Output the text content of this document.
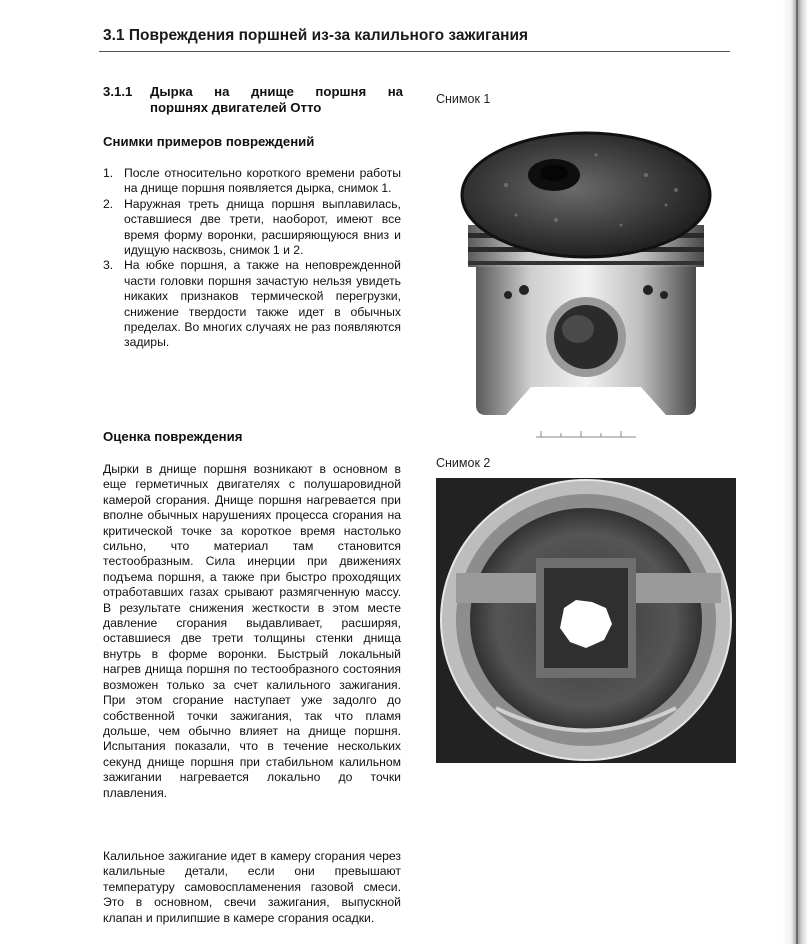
3.1 Повреждения поршней из-за калильного зажигания
3.1.1 Дырка на днище поршня на
поршнях двигателей Отто
Снимки примеров повреждений
1. После относительно короткого времени работы на днище поршня появляется дырка, снимок 1.
2. Наружная треть днища поршня выплавилась, оставшиеся две трети, наоборот, имеют все время форму воронки, расширяющуюся вниз и идущую насквозь, снимок 1 и 2.
3. На юбке поршня, а также на неповрежденной части головки поршня зачастую нельзя увидеть никаких признаков термической перегрузки, снижение твердости также идет в обычных пределах. Во многих случаях не раз появляются задиры.
Оценка повреждения

Дырки в днище поршня возникают в основном в еще герметичных двигателях с полушаровидной камерой сгорания. Днище поршня нагревается при вполне обычных нарушениях процесса сгорания на критической точке за короткое время настолько сильно, что материал там становится тестообразным. Сила инерции при движениях подъема поршня, а также при быстро проходящих отработавших газах срывают размягченную массу. В результате снижения жесткости в этом месте давление сгорания выдавливает, расширяя, оставшиеся две трети толщины стенки днища внутрь в форме воронки. Быстрый локальный нагрев днища поршня по тестообразного состояния возможен только за счет калильного зажигания. При этом сгорание наступает уже задолго до собственной точки зажигания, так что пламя дольше, чем обычно влияет на днище поршня. Испытания показали, что в течение нескольких секунд днище поршня при стабильном калильном зажигании нагревается локально до точки плавления.

Калильное зажигание идет в камеру сгорания через калильные детали, если они превышают температуру самовоспламенения газовой смеси. Это в основном, свечи зажигания, выпускной клапан и прилипшие в камере сгорания осадки.

Снимок 1
Снимок 2
